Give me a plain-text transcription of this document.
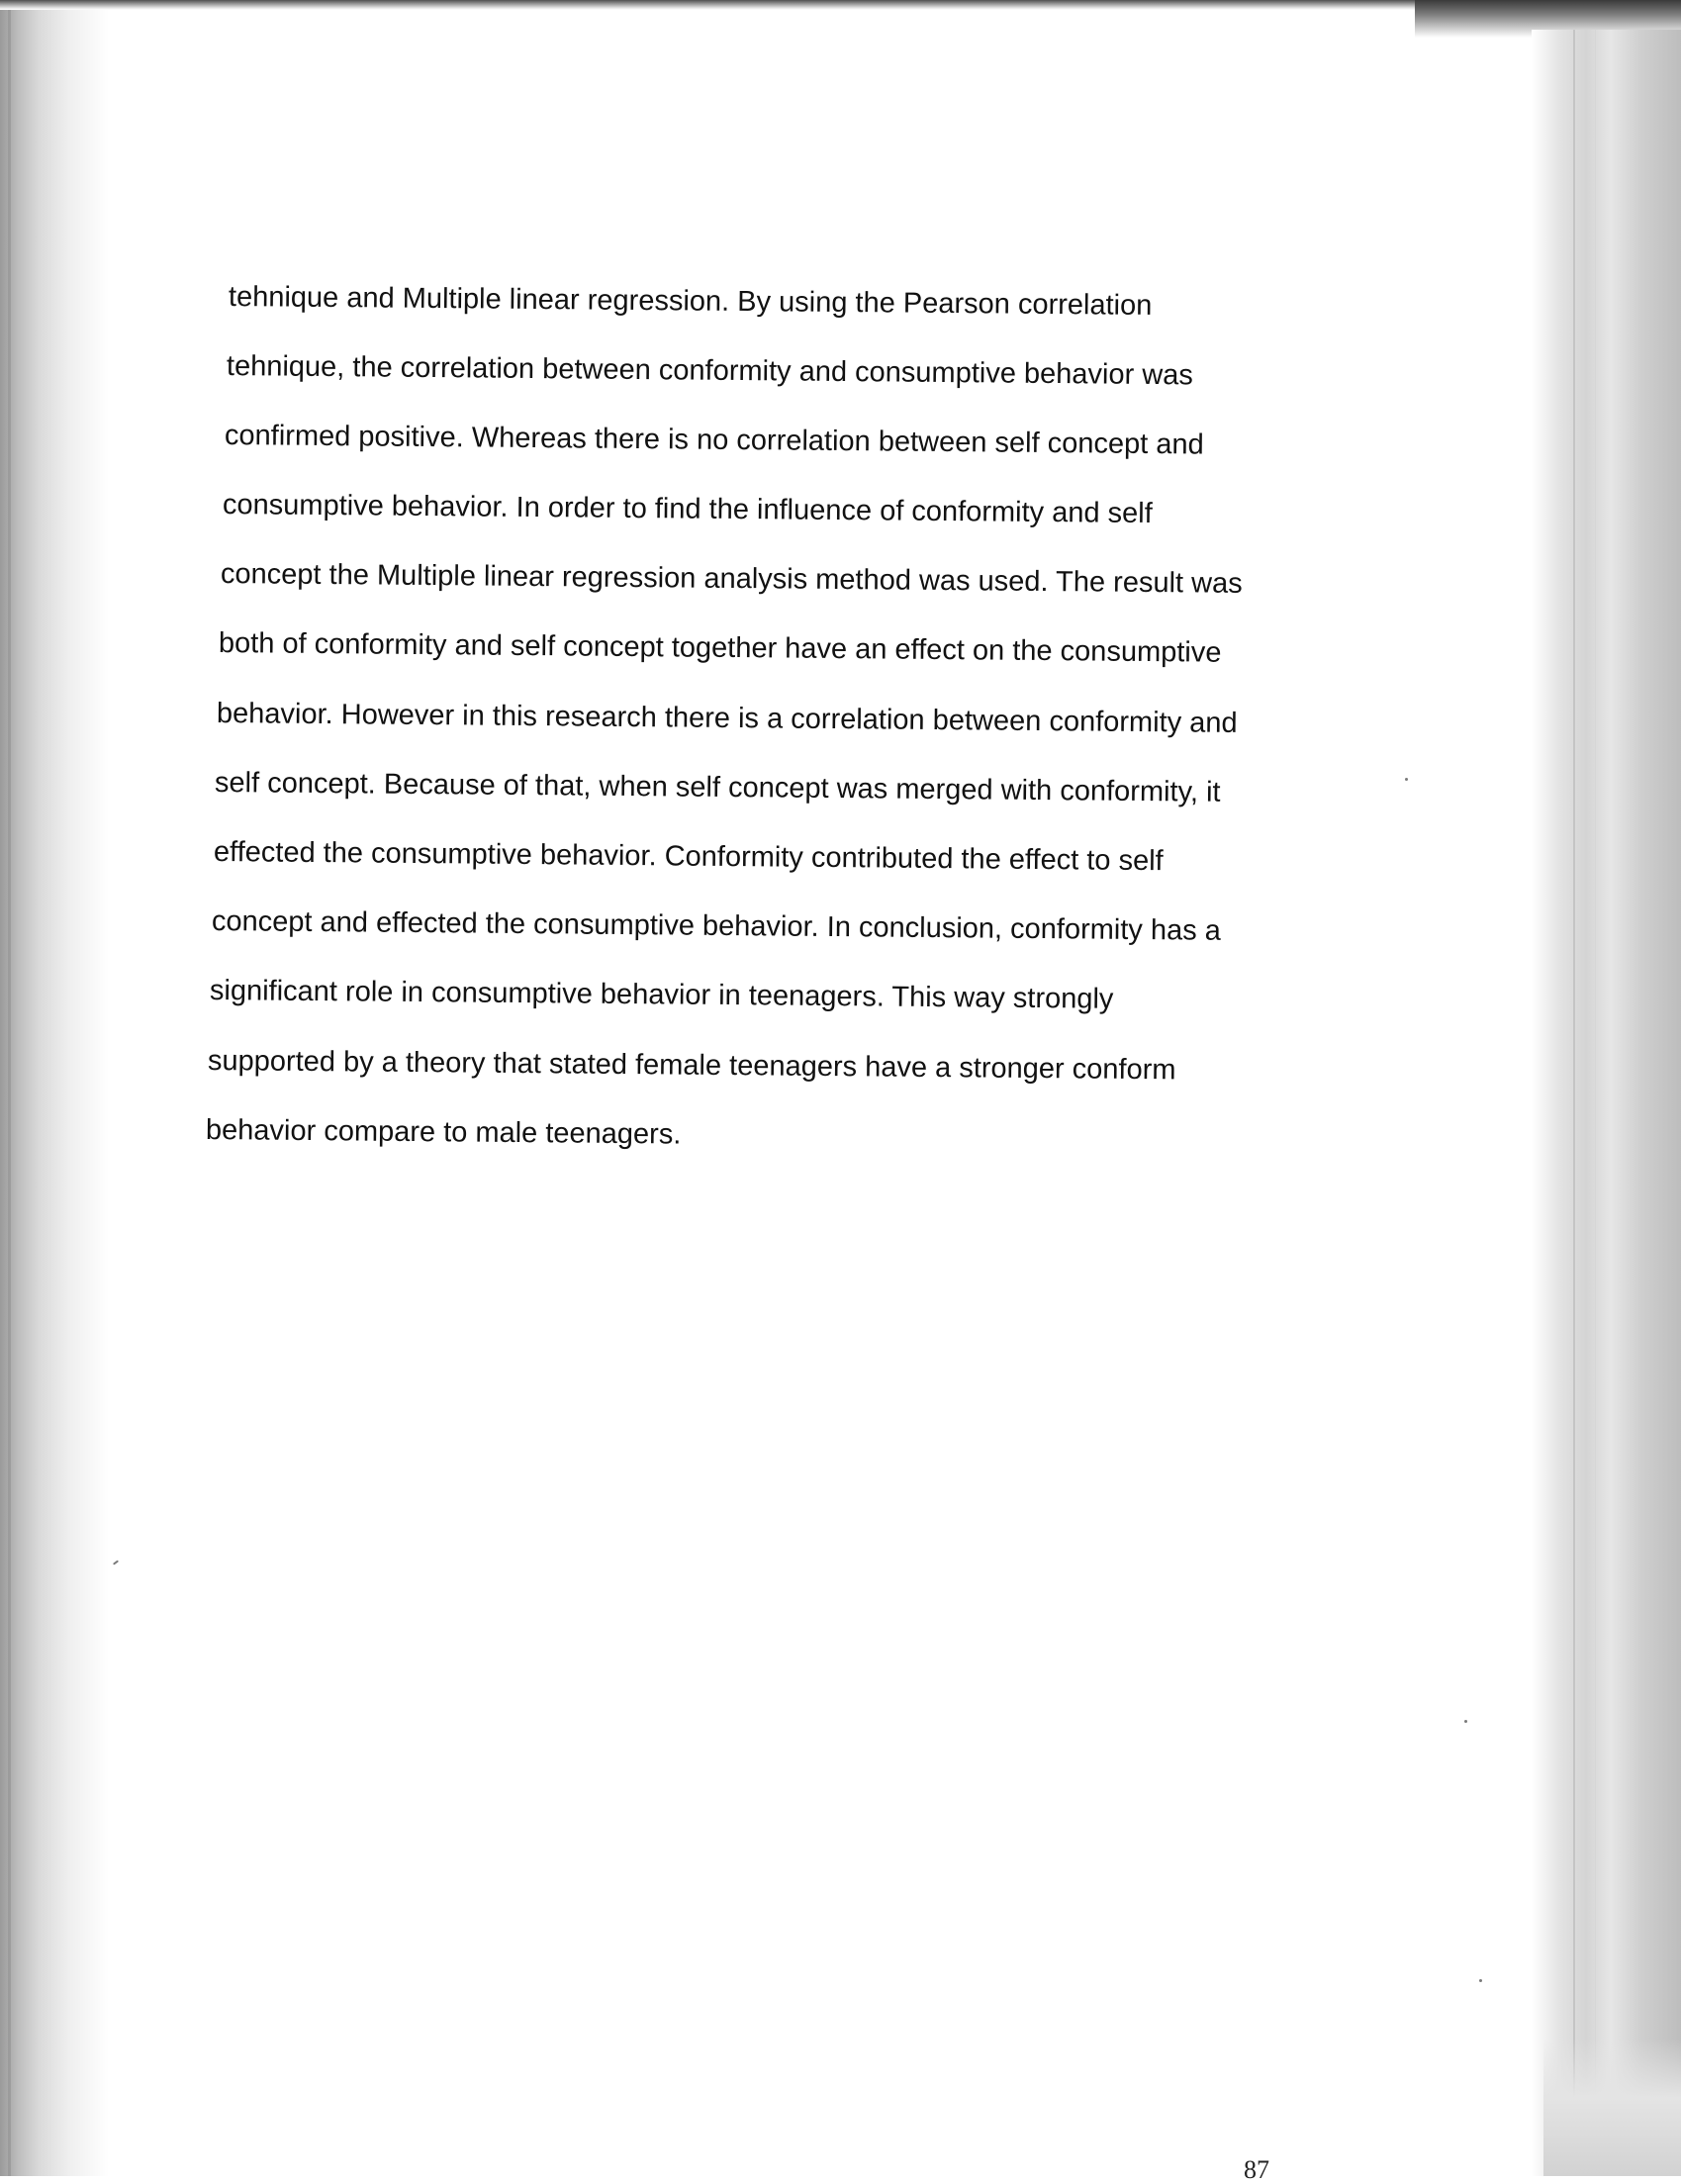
tehnique and Multiple linear regression. By using the Pearson correlation

tehnique, the correlation between conformity and consumptive behavior was

confirmed positive. Whereas there is no correlation between self concept and

consumptive behavior. In order to find the influence of conformity and self

concept the Multiple linear regression analysis method was used. The result was

both of conformity and self concept together have an effect on the consumptive

behavior. However in this research there is a correlation between conformity and

self concept. Because of that, when self concept was merged with conformity, it

effected the consumptive behavior. Conformity contributed the effect to self

concept and effected the consumptive behavior. In conclusion, conformity has a

significant role in consumptive behavior in teenagers. This way strongly

supported by a theory that stated female teenagers have a stronger conform

behavior compare to male teenagers.

87
